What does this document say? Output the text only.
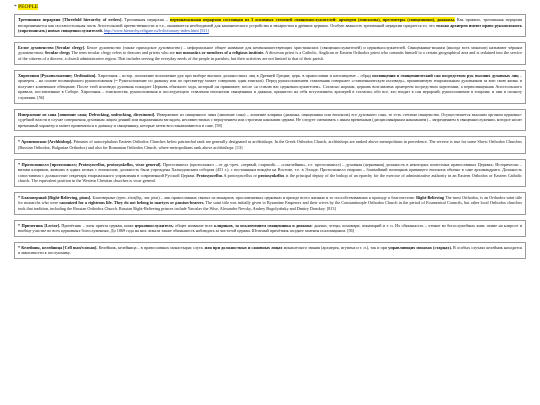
* PEOPLE
Трехчинная иерархия [Threefold hierarchy of orders]. Трехчинная иерархия – первоначальная иерархия состоящая из 3 основных степеней священнослужителей: архиереи (епископы), пресвитеры (священники), диаконы. Как правило, трехчинная иерархия воспринимается как постапостольная часть Апостольской преемственности и т.е., оказывается необходимой для канонического устройства и евхаристии в древних церквах. Особую важность трехчинной иерархии придается то, что только архиереи имеют право рукоположить (хиротонисать) новых священнослужителей. http://www.hierarchy.religare.ru/h-dictionary-index.html [531]
Белое духовенство [Secular clergy]. Белое духовенство (также приходское духовенство) – неформальное общее название для неммонашествующих христианских (священнослужителей) и церковнослужителей. Священники-монахи (иногда всех монахов) называют чёрным духовенством. Secular clergy The term secular clergy refers to deacons and priests who are not monastics or members of a religious institute. A diocesan priest is a Catholic, Anglican or Eastern Orthodox priest who commits himself to a certain geographical area and is ordained into the service of the citizens of a diocese, a church administrative region. That includes serving the everyday needs of the people in parishes, but their activities are not limited to that of their parish.
Хиротония [Рукоположение; Ordination]. Хиротония – истор. положение возложение рук при выборе высших должностных лиц в Древней Греции; церк. в православии и католицизме – обряд посвящения в священнический сан посредством рук высших духовных лиц – архиерея – на основе посвящённого рукоположения (= Рукоположение по диакону или по пресвитеру может совершать один епископ). Перед рукоположением ставленник совершает «ставленническую исповедь», принимаемую епархиальным духовником за всю свою жизнь и получает клятвенное обещание. После этой исповеди духовник покидает Церковь обычного хода, который он принимает, после «я ставлю вас церковнослужителем». Согласно нормам, церковь возглавлена архиереем посредством хиротонии, а первосвященник Апостольского правила, поставленные в Соборе. Хиротония – епископства, рукоположения и последующего ставления епископом священника и дьякона, принятого на себя вступлением; архиерей в согласии, ибо все, кто входит в сан иерархий; рукоположение в епархии; и они в полноту служения. [56]
Извержение из сана [лишение сана; Defrocking, unfrocking, divestment]. Извержение из священного чина (лишение сана) – лишение клирика (диакона, священника или епископа) его духовного сана, то есть степени священства. Осуществляется высшим органом церковно-судебной власти в случае совершения духовным лицом деяний или выраженным взглядом, несовместимых с вероучением или строгими канонами церкви. Не следует смешивать с иным временным (дисциплинарным наказанием) – запрещением в священнослужении, которое носит временный характер и может применяться к диакону и священнику, которые затем восстанавливаются в сане. [58]
* Архиепископ [Archbishop]. Primates of autocephalous Eastern Orthodox Churches below patriarchal rank are generally designated as archbishops. In the Greek Orthodox Church, archbishops are ranked above metropolitans in precedence. The reverse is true for some Slavic Orthodox Churches (Russian Orthodox, Bulgarian Orthodox) and also for Romanian Orthodox Church, where metropolitans rank above archbishops. [13]
* Протосинкелл [протосинкел; Protosyncellus, protosynkellos, vicar general]. Протосинкелл (протосинкел – от др.-греч. «первый, старший» – «сокелейник», т.е. протосинкелл) – духовная (церковная) должность в некоторых поместных православных Церквах; Исторически – визави клириков, живших в одних кельях с епископом; должность была учреждена Халкидонским собором (451 г.), с постоянным вождём на Востоке, т.е. в Элладе. Протосинкелл епархии – ближайший помощник правящего епископа обычно в сане архимандрита. Должность сопоставима с должностью секретаря епархиального управления в современной Русской Церкви. Protosyncellus A protosyncellus or protosynkellos is the principal deputy of the bishop of an eparchy for the exercise of administrative authority in an Eastern Orthodox or Eastern Catholic church. The equivalent position in the Western Christian churches is vicar general.
* Благоверный [Right-Believing, pious]. Благоверные (греч. εὐσεβής, лат. pius) – лик православных святых из монархов, прославляемых церковью и прежде всего жизнью и то способствовавших к приходу к благочестию. Right-Believing The most Orthodox, is an Orthodox saint title for monarchs who were canonized for a righteous life. They do not belong to martyrs or passion-bearers. The saint title was initially given to Byzantine Emperors and their wives by the Constantinople Orthodox Church in the period of Ecumenical Councils, but other local Orthodox churches took that tradition, including the Russian Orthodox Church. Russian Right-Believing princes include Yaroslav the Wise, Alexander Nevsky, Andrey Bogolyubsky and Dmitry Donskoy. [813]
* Причетник [Lector]. Причётник – член причта церкви, ниже церковнослужитель; общее название всех клириков, за исключением священника и диакона: дьячки, чтецы, пономари, понамарий и т. п. Их обязанность – чтение во богослужебных книг, пение на клиросе и вообще участие во всех церковных богослужениях. До 1869 года на них лежала также обязанность наблюдать за чистотой церкви. Штатный причётник позднее заменен псаломщиком. [56]
* Келейник, келейница [Cell man/woman]. Келейник, келейница – в православных монастырях слуга, или при должностных и сановных лицах монашеского звания (архиерея, игумена и т. п.), так и при управляющих монахах (старцах). В особых случаях келейник находится в зависимости к послушнику.
